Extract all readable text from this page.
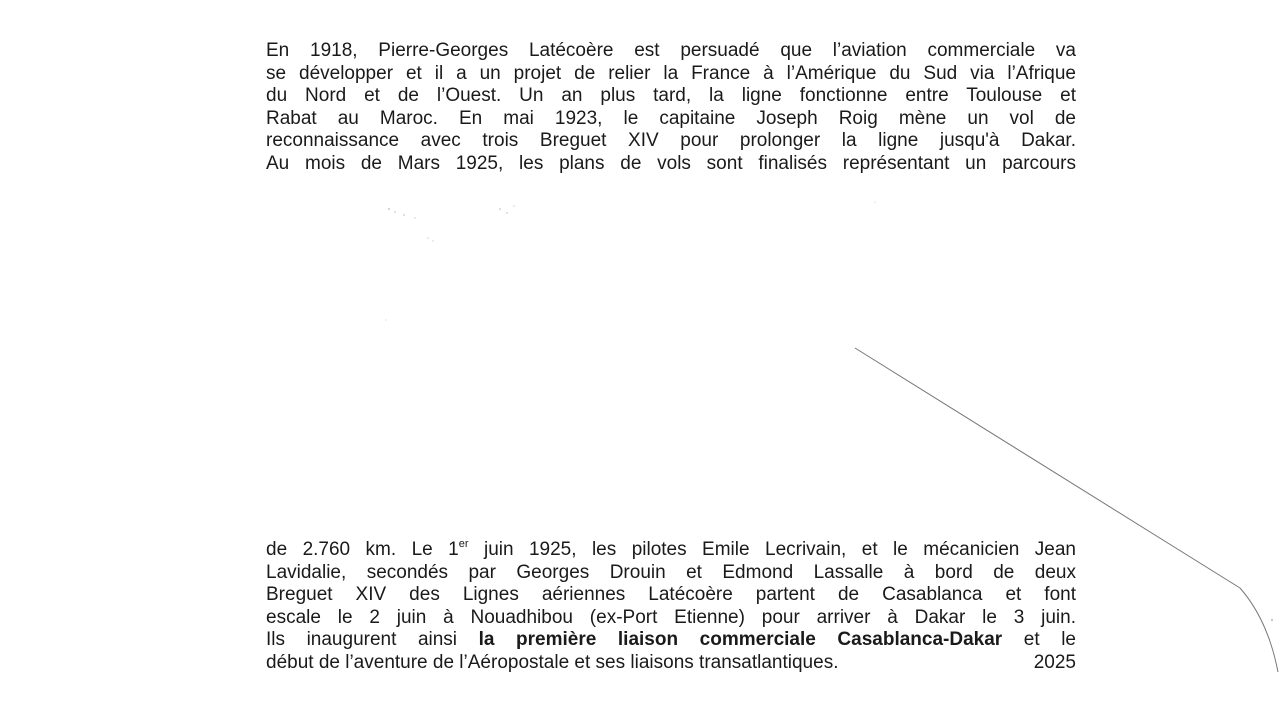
En 1918, Pierre-Georges Latécoère est persuadé que l’aviation commerciale va
se développer et il a un projet de relier la France à l’Amérique du Sud via l’Afrique
du Nord et de l’Ouest. Un an plus tard, la ligne fonctionne entre Toulouse et
Rabat au Maroc. En mai 1923, le capitaine Joseph Roig mène un vol de
reconnaissance avec trois Breguet XIV pour prolonger la ligne jusqu'à Dakar.
Au mois de Mars 1925, les plans de vols sont finalisés représentant un parcours
de 2.760 km. Le 1er juin 1925, les pilotes Emile Lecrivain, et le mécanicien Jean
Lavidalie, secondés par Georges Drouin et Edmond Lassalle à bord de deux
Breguet XIV des Lignes aériennes Latécoère partent de Casablanca et font
escale le 2 juin à Nouadhibou (ex-Port Etienne) pour arriver à Dakar le 3 juin.
Ils inaugurent ainsi la première liaison commerciale Casablanca-Dakar et le
début de l’aventure de l’Aéropostale et ses liaisons transatlantiques.	2025
